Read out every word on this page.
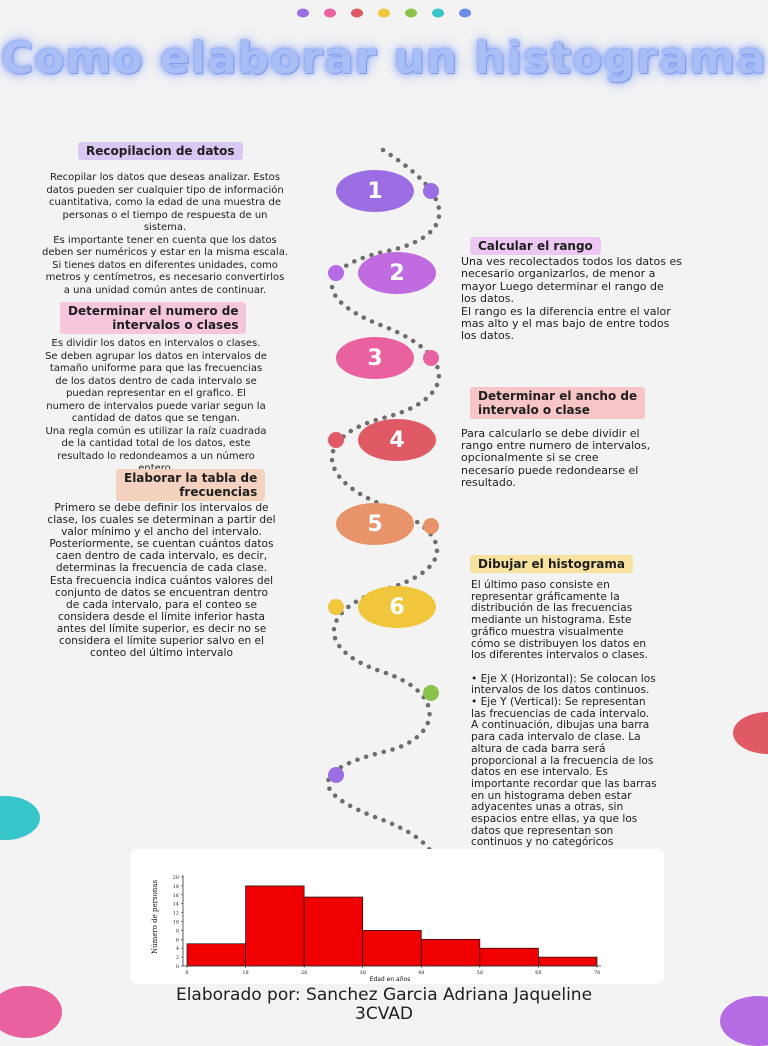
Como elaborar un histograma
1
2
3
4
5
6
Recopilacion de datos

Recopilar los datos que deseas analizar. Estos
datos pueden ser cualquier tipo de información
cuantitativa, como la edad de una muestra de
personas o el tiempo de respuesta de un
sistema.
Es importante tener en cuenta que los datos
deben ser numéricos y estar en la misma escala.
Si tienes datos en diferentes unidades, como
metros y centímetros, es necesario convertirlos
a una unidad común antes de continuar.

Calcular el rango

Una ves recolectados todos los datos es
necesario organizarlos, de menor a
mayor Luego determinar el rango de
los datos.
El rango es la diferencia entre el valor
mas alto y el mas bajo de entre todos
los datos.

Determinar el numero de
intervalos o clases

Es dividir los datos en intervalos o clases.
Se deben agrupar los datos en intervalos de
tamaño uniforme para que las frecuencias
de los datos dentro de cada intervalo se
puedan representar en el grafico. El
numero de intervalos puede variar segun la
cantidad de datos que se tengan.
Una regla común es utilizar la raíz cuadrada
de la cantidad total de los datos, este
resultado lo redondeamos a un número

Determinar el ancho de
intervalo o clase

Para calcularlo se debe dividir el
rango entre numero de intervalos,
opcionalmente si se cree
necesario puede redondearse el
resultado.

Elaborar la tabla de
frecuencias

Primero se debe definir los intervalos de
clase, los cuales se determinan a partir del
valor mínimo y el ancho del intervalo.
Posteriormente, se cuentan cuántos datos
caen dentro de cada intervalo, es decir,
determinas la frecuencia de cada clase.
Esta frecuencia indica cuántos valores del
conjunto de datos se encuentran dentro
de cada intervalo, para el conteo se
considera desde el límite inferior hasta
antes del límite superior, es decir no se
considera el límite superior salvo en el
conteo del último intervalo

Dibujar el histograma

El último paso consiste en
representar gráficamente la
distribución de las frecuencias
mediante un histograma. Este
gráfico muestra visualmente
cómo se distribuyen los datos en
los diferentes intervalos o clases.

• Eje X (Horizontal): Se colocan los
intervalos de los datos continuos.
• Eje Y (Vertical): Se representan
las frecuencias de cada intervalo.
A continuación, dibujas una barra
para cada intervalo de clase. La
altura de cada barra será
proporcional a la frecuencia de los
datos en ese intervalo. Es
importante recordar que las barras
en un histograma deben estar
adyacentes unas a otras, sin
espacios entre ellas, ya que los
datos que representan son
continuos y no categóricos

Número de personas
Edad en años
0
2
4
6
8
10
12
14
16
18
20
8	18	28	38	48	58	68	78

Elaborado por: Sanchez Garcia Adriana Jaqueline

3CVAD
